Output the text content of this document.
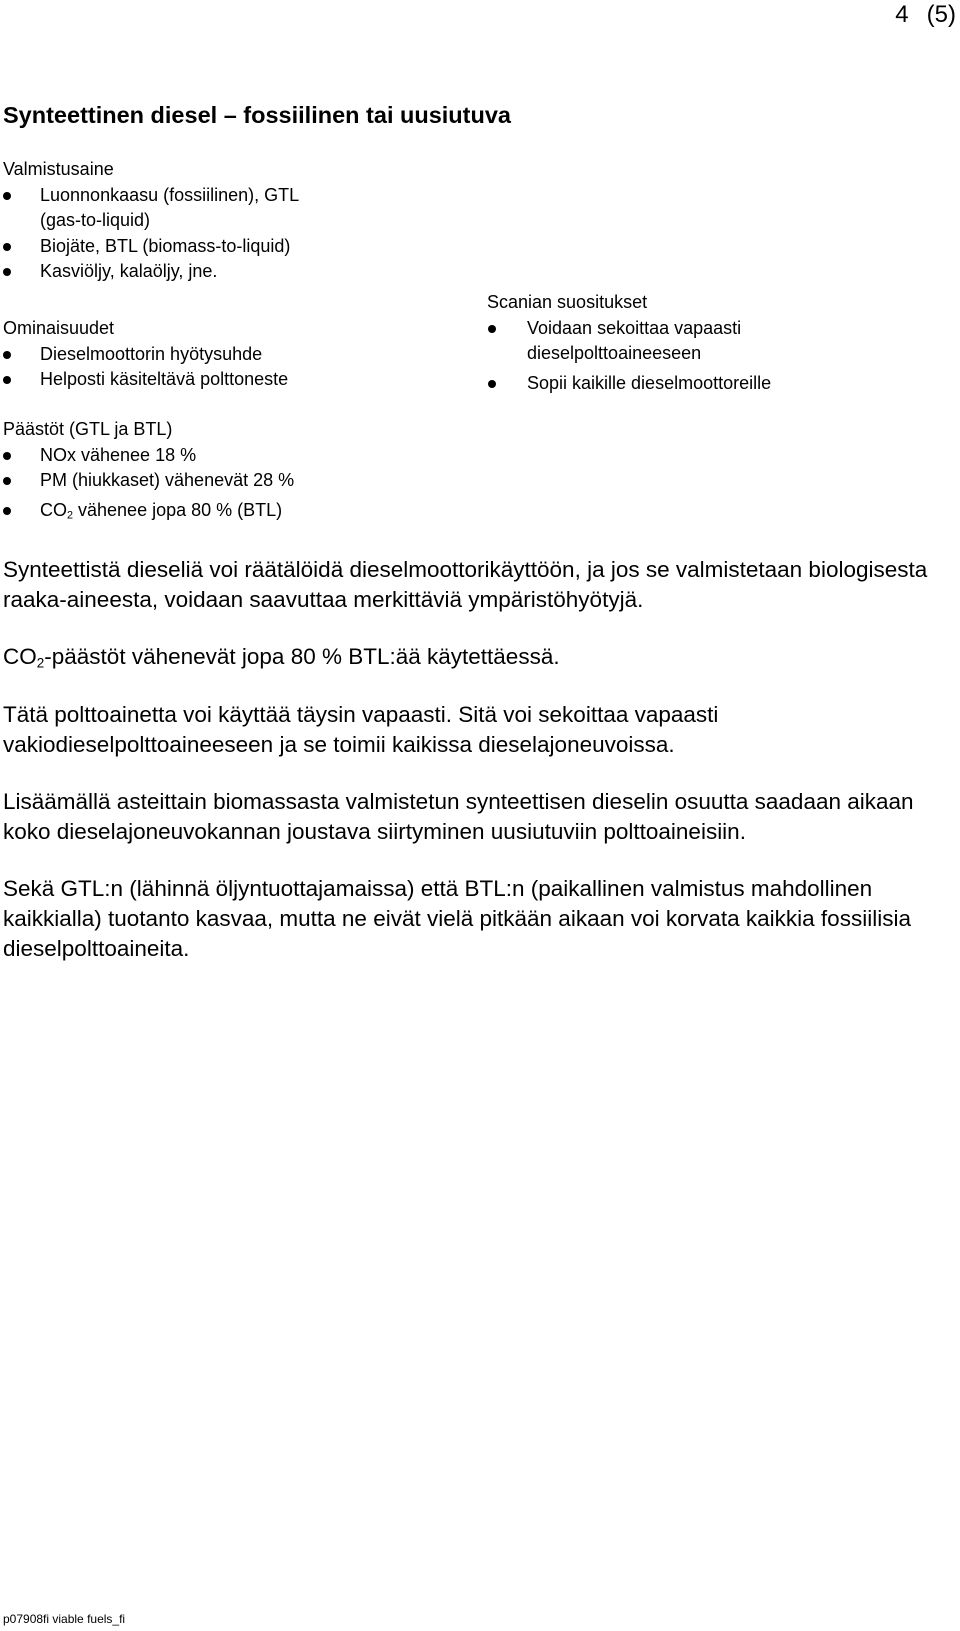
4 (5)
Synteettinen diesel – fossiilinen tai uusiutuva
Valmistusaine
Luonnonkaasu (fossiilinen), GTL
(gas-to-liquid)
Biojäte, BTL (biomass-to-liquid)
Kasviöljy, kalaöljy, jne.
Ominaisuudet
Dieselmoottorin hyötysuhde
Helposti käsiteltävä polttoneste
Scanian suositukset
Voidaan sekoittaa vapaasti
dieselpolttoaineeseen
Sopii kaikille dieselmoottoreille
Päästöt (GTL ja BTL)
NOx vähenee 18 %
PM (hiukkaset) vähenevät 28 %
$CO_2$ vähenee jopa 80 % (BTL)

Synteettistä dieseliä voi räätälöidä dieselmoottorikäyttöön, ja jos se valmistetaan biologisesta raaka-aineesta, voidaan saavuttaa merkittäviä ympäristöhyötyjä.

$CO_2$-päästöt vähenevät jopa 80 % BTL:ää käytettäessä.

Tätä polttoainetta voi käyttää täysin vapaasti. Sitä voi sekoittaa vapaasti vakiodieselpolttoaineeseen ja se toimii kaikissa dieselajoneuvoissa.

Lisäämällä asteittain biomassasta valmistetun synteettisen dieselin osuutta saadaan aikaan koko dieselajoneuvokannan joustava siirtyminen uusiutuviin polttoaineisiin.

Sekä GTL:n (lähinnä öljyntuottajamaissa) että BTL:n (paikallinen valmistus mahdollinen kaikkialla) tuotanto kasvaa, mutta ne eivät vielä pitkään aikaan voi korvata kaikkia fossiilisia dieselpolttoaineita.

p07908fi viable fuels_fi
